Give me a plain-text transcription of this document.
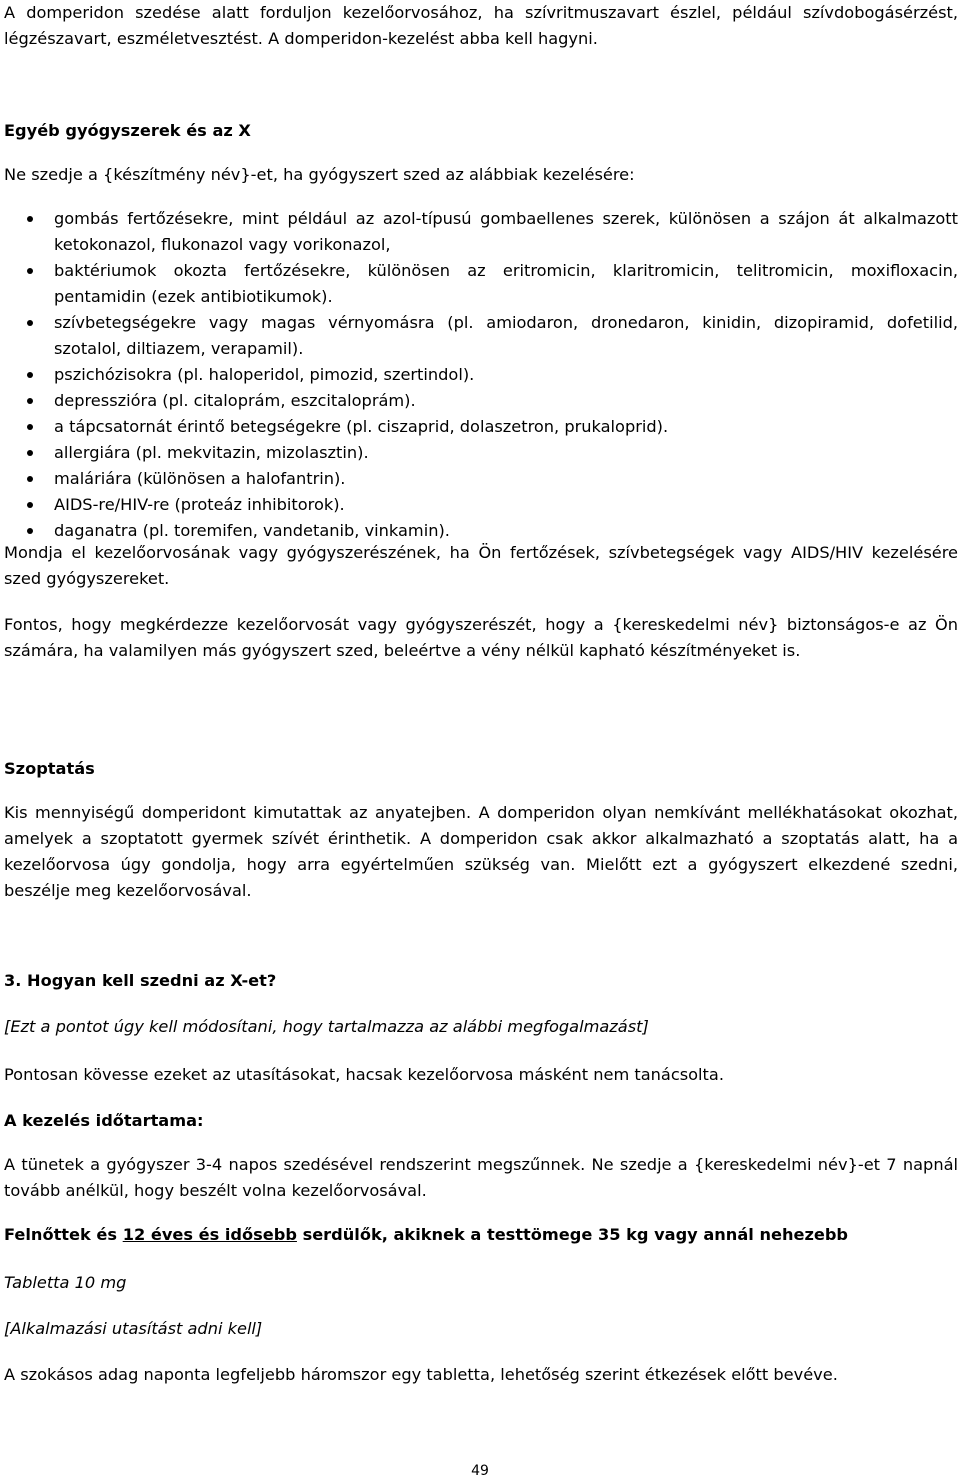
A domperidon szedése alatt forduljon kezelőorvosához, ha szívritmuszavart észlel, például szívdobogásérzést, légzészavart, eszméletvesztést. A domperidon-kezelést abba kell hagyni.

Egyéb gyógyszerek és az X

Ne szedje a {készítmény név}-et, ha gyógyszert szed az alábbiak kezelésére:

gombás fertőzésekre, mint például az azol-típusú gombaellenes szerek, különösen a szájon át alkalmazott ketokonazol, flukonazol vagy vorikonazol,
baktériumok okozta fertőzésekre, különösen az eritromicin, klaritromicin, telitromicin, moxifloxacin, pentamidin (ezek antibiotikumok).
szívbetegségekre vagy magas vérnyomásra (pl. amiodaron, dronedaron, kinidin, dizopiramid, dofetilid, szotalol, diltiazem, verapamil).
pszichózisokra (pl. haloperidol, pimozid, szertindol).
depresszióra (pl. citaloprám, eszcitaloprám).
a tápcsatornát érintő betegségekre (pl. ciszaprid, dolaszetron, prukaloprid).
allergiára (pl. mekvitazin, mizolasztin).
maláriára (különösen a halofantrin).
AIDS-re/HIV-re (proteáz inhibitorok).
daganatra (pl. toremifen, vandetanib, vinkamin).

Mondja el kezelőorvosának vagy gyógyszerészének, ha Ön fertőzések, szívbetegségek vagy AIDS/HIV kezelésére szed gyógyszereket.

Fontos, hogy megkérdezze kezelőorvosát vagy gyógyszerészét, hogy a {kereskedelmi név} biztonságos-e az Ön számára, ha valamilyen más gyógyszert szed, beleértve a vény nélkül kapható készítményeket is.

Szoptatás

Kis mennyiségű domperidont kimutattak az anyatejben. A domperidon olyan nemkívánt mellékhatásokat okozhat, amelyek a szoptatott gyermek szívét érinthetik. A domperidon csak akkor alkalmazható a szoptatás alatt, ha a kezelőorvosa úgy gondolja, hogy arra egyértelműen szükség van. Mielőtt ezt a gyógyszert elkezdené szedni, beszélje meg kezelőorvosával.

3. Hogyan kell szedni az X-et?

[Ezt a pontot úgy kell módosítani, hogy tartalmazza az alábbi megfogalmazást]

Pontosan kövesse ezeket az utasításokat, hacsak kezelőorvosa másként nem tanácsolta.

A kezelés időtartama:

A tünetek a gyógyszer 3-4 napos szedésével rendszerint megszűnnek. Ne szedje a {kereskedelmi név}-et 7 napnál tovább anélkül, hogy beszélt volna kezelőorvosával.

Felnőttek és 12 éves és idősebb serdülők, akiknek a testtömege 35 kg vagy annál nehezebb

Tabletta 10 mg

[Alkalmazási utasítást adni kell]

A szokásos adag naponta legfeljebb háromszor egy tabletta, lehetőség szerint étkezések előtt bevéve.

49
